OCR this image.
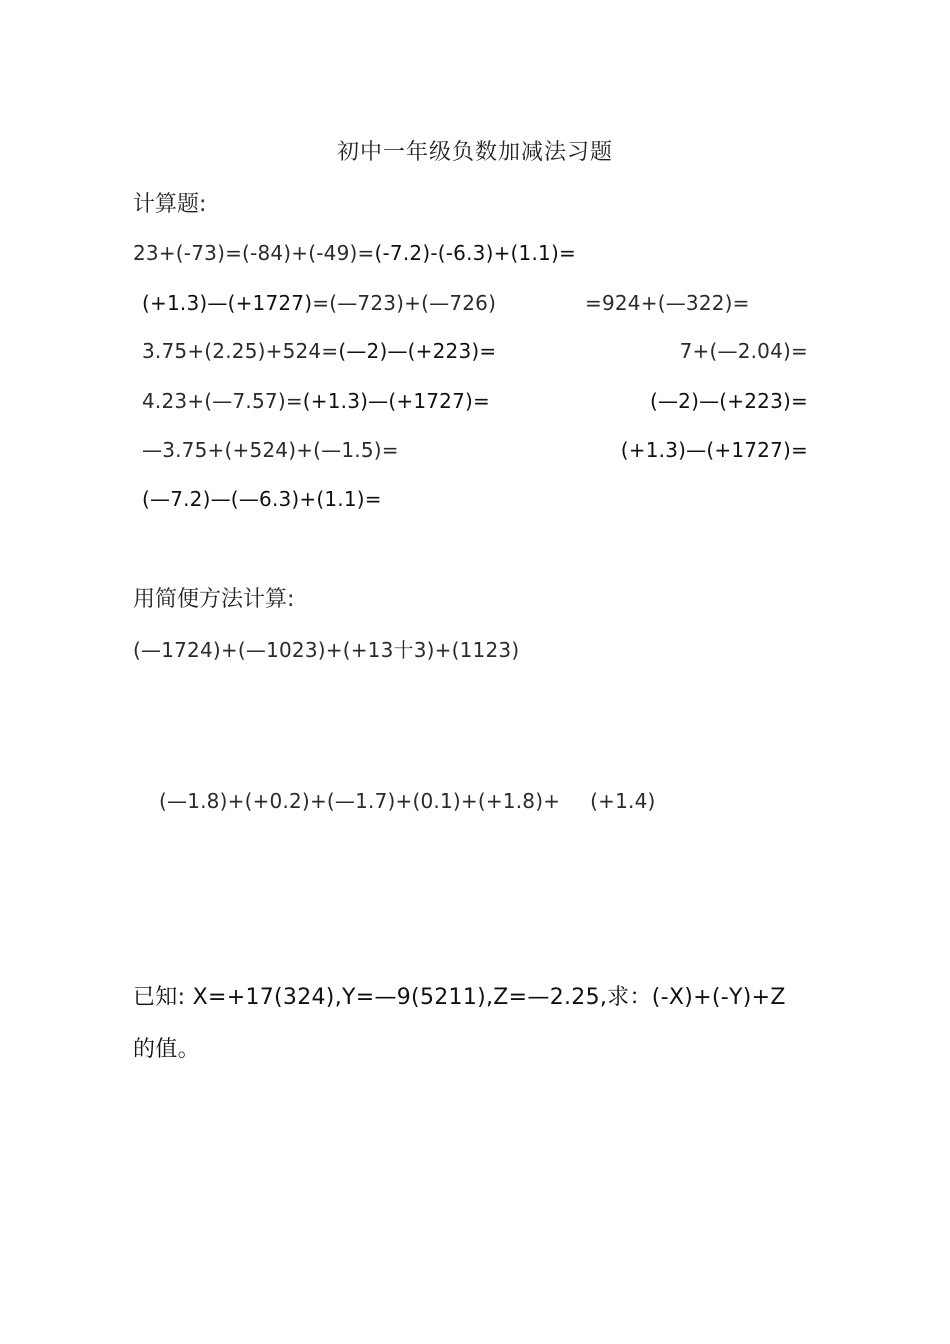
初中一年级负数加减法习题
计算题:
23+(-73)=(-84)+(-49)=(-7.2)-(-6.3)+(1.1)=
(+1.3)—(+1727)=(—723)+(—726)	=924+(—322)=
3.75+(2.25)+524=(—2)—(+223)=	7+(—2.04)=
4.23+(—7.57)=(+1.3)—(+1727)=	(—2)—(+223)=
—3.75+(+524)+(—1.5)=	(+1.3)—(+1727)=
(—7.2)—(—6.3)+(1.1)=
用简便方法计算:
(—1724)+(—1023)+(+13十3)+(1123)
(—1.8)+(+0.2)+(—1.7)+(0.1)+(+1.8)+ (+1.4)
已知: X=+17(324),Y=—9(5211),Z=—2.25,求：(-X)+(-Y)+Z
的值。
